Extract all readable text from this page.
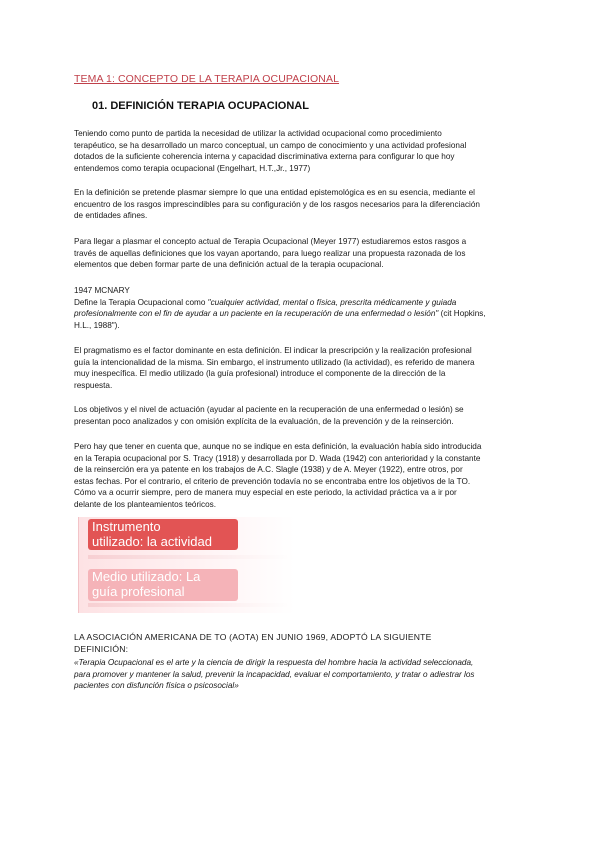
TEMA 1: CONCEPTO DE LA TERAPIA OCUPACIONAL
01. DEFINICIÓN TERAPIA OCUPACIONAL

Teniendo como punto de partida la necesidad de utilizar la actividad ocupacional como procedimiento
terapéutico, se ha desarrollado un marco conceptual, un campo de conocimiento y una actividad profesional
dotados de la suficiente coherencia interna y capacidad discriminativa externa para configurar lo que hoy
entendemos como terapia ocupacional (Engelhart, H.T.,Jr., 1977)

En la definición se pretende plasmar siempre lo que una entidad epistemológica es en su esencia, mediante el
encuentro de los rasgos imprescindibles para su configuración y de los rasgos necesarios para la diferenciación
de entidades afines.

Para llegar a plasmar el concepto actual de Terapia Ocupacional (Meyer 1977) estudiaremos estos rasgos a
través de aquellas definiciones que los vayan aportando, para luego realizar una propuesta razonada de los
elementos que deben formar parte de una definición actual de la terapia ocupacional.

1947 MCNARY
Define la Terapia Ocupacional como "cualquier actividad, mental o física, prescrita médicamente y guiada
profesionalmente con el fin de ayudar a un paciente en la recuperación de una enfermedad o lesión" (cit Hopkins,
H.L., 1988").

El pragmatismo es el factor dominante en esta definición. El indicar la prescripción y la realización profesional
guía la intencionalidad de la misma. Sin embargo, el instrumento utilizado (la actividad), es referido de manera
muy inespecífica. El medio utilizado (la guía profesional) introduce el componente de la dirección de la
respuesta.

Los objetivos y el nivel de actuación (ayudar al paciente en la recuperación de una enfermedad o lesión) se
presentan poco analizados y con omisión explícita de la evaluación, de la prevención y de la reinserción.

Pero hay que tener en cuenta que, aunque no se indique en esta definición, la evaluación había sido introducida
en la Terapia ocupacional por S. Tracy (1918) y desarrollada por D. Wada (1942) con anterioridad y la constante
de la reinserción era ya patente en los trabajos de A.C. Slagle (1938) y de A. Meyer (1922), entre otros, por
estas fechas. Por el contrario, el criterio de prevención todavía no se encontraba entre los objetivos de la TO.
Cómo va a ocurrir siempre, pero de manera muy especial en este periodo, la actividad práctica va a ir por
delante de los planteamientos teóricos.

Instrumento
utilizado: la actividad
Medio utilizado: La
guía profesional
LA ASOCIACIÓN AMERICANA DE TO (AOTA) EN JUNIO 1969, ADOPTÓ LA SIGUIENTE
DEFINICIÓN:
«Terapia Ocupacional es el arte y la ciencia de dirigir la respuesta del hombre hacia la actividad seleccionada,
para promover y mantener la salud, prevenir la incapacidad, evaluar el comportamiento, y tratar o adiestrar los
pacientes con disfunción física o psicosocial»
